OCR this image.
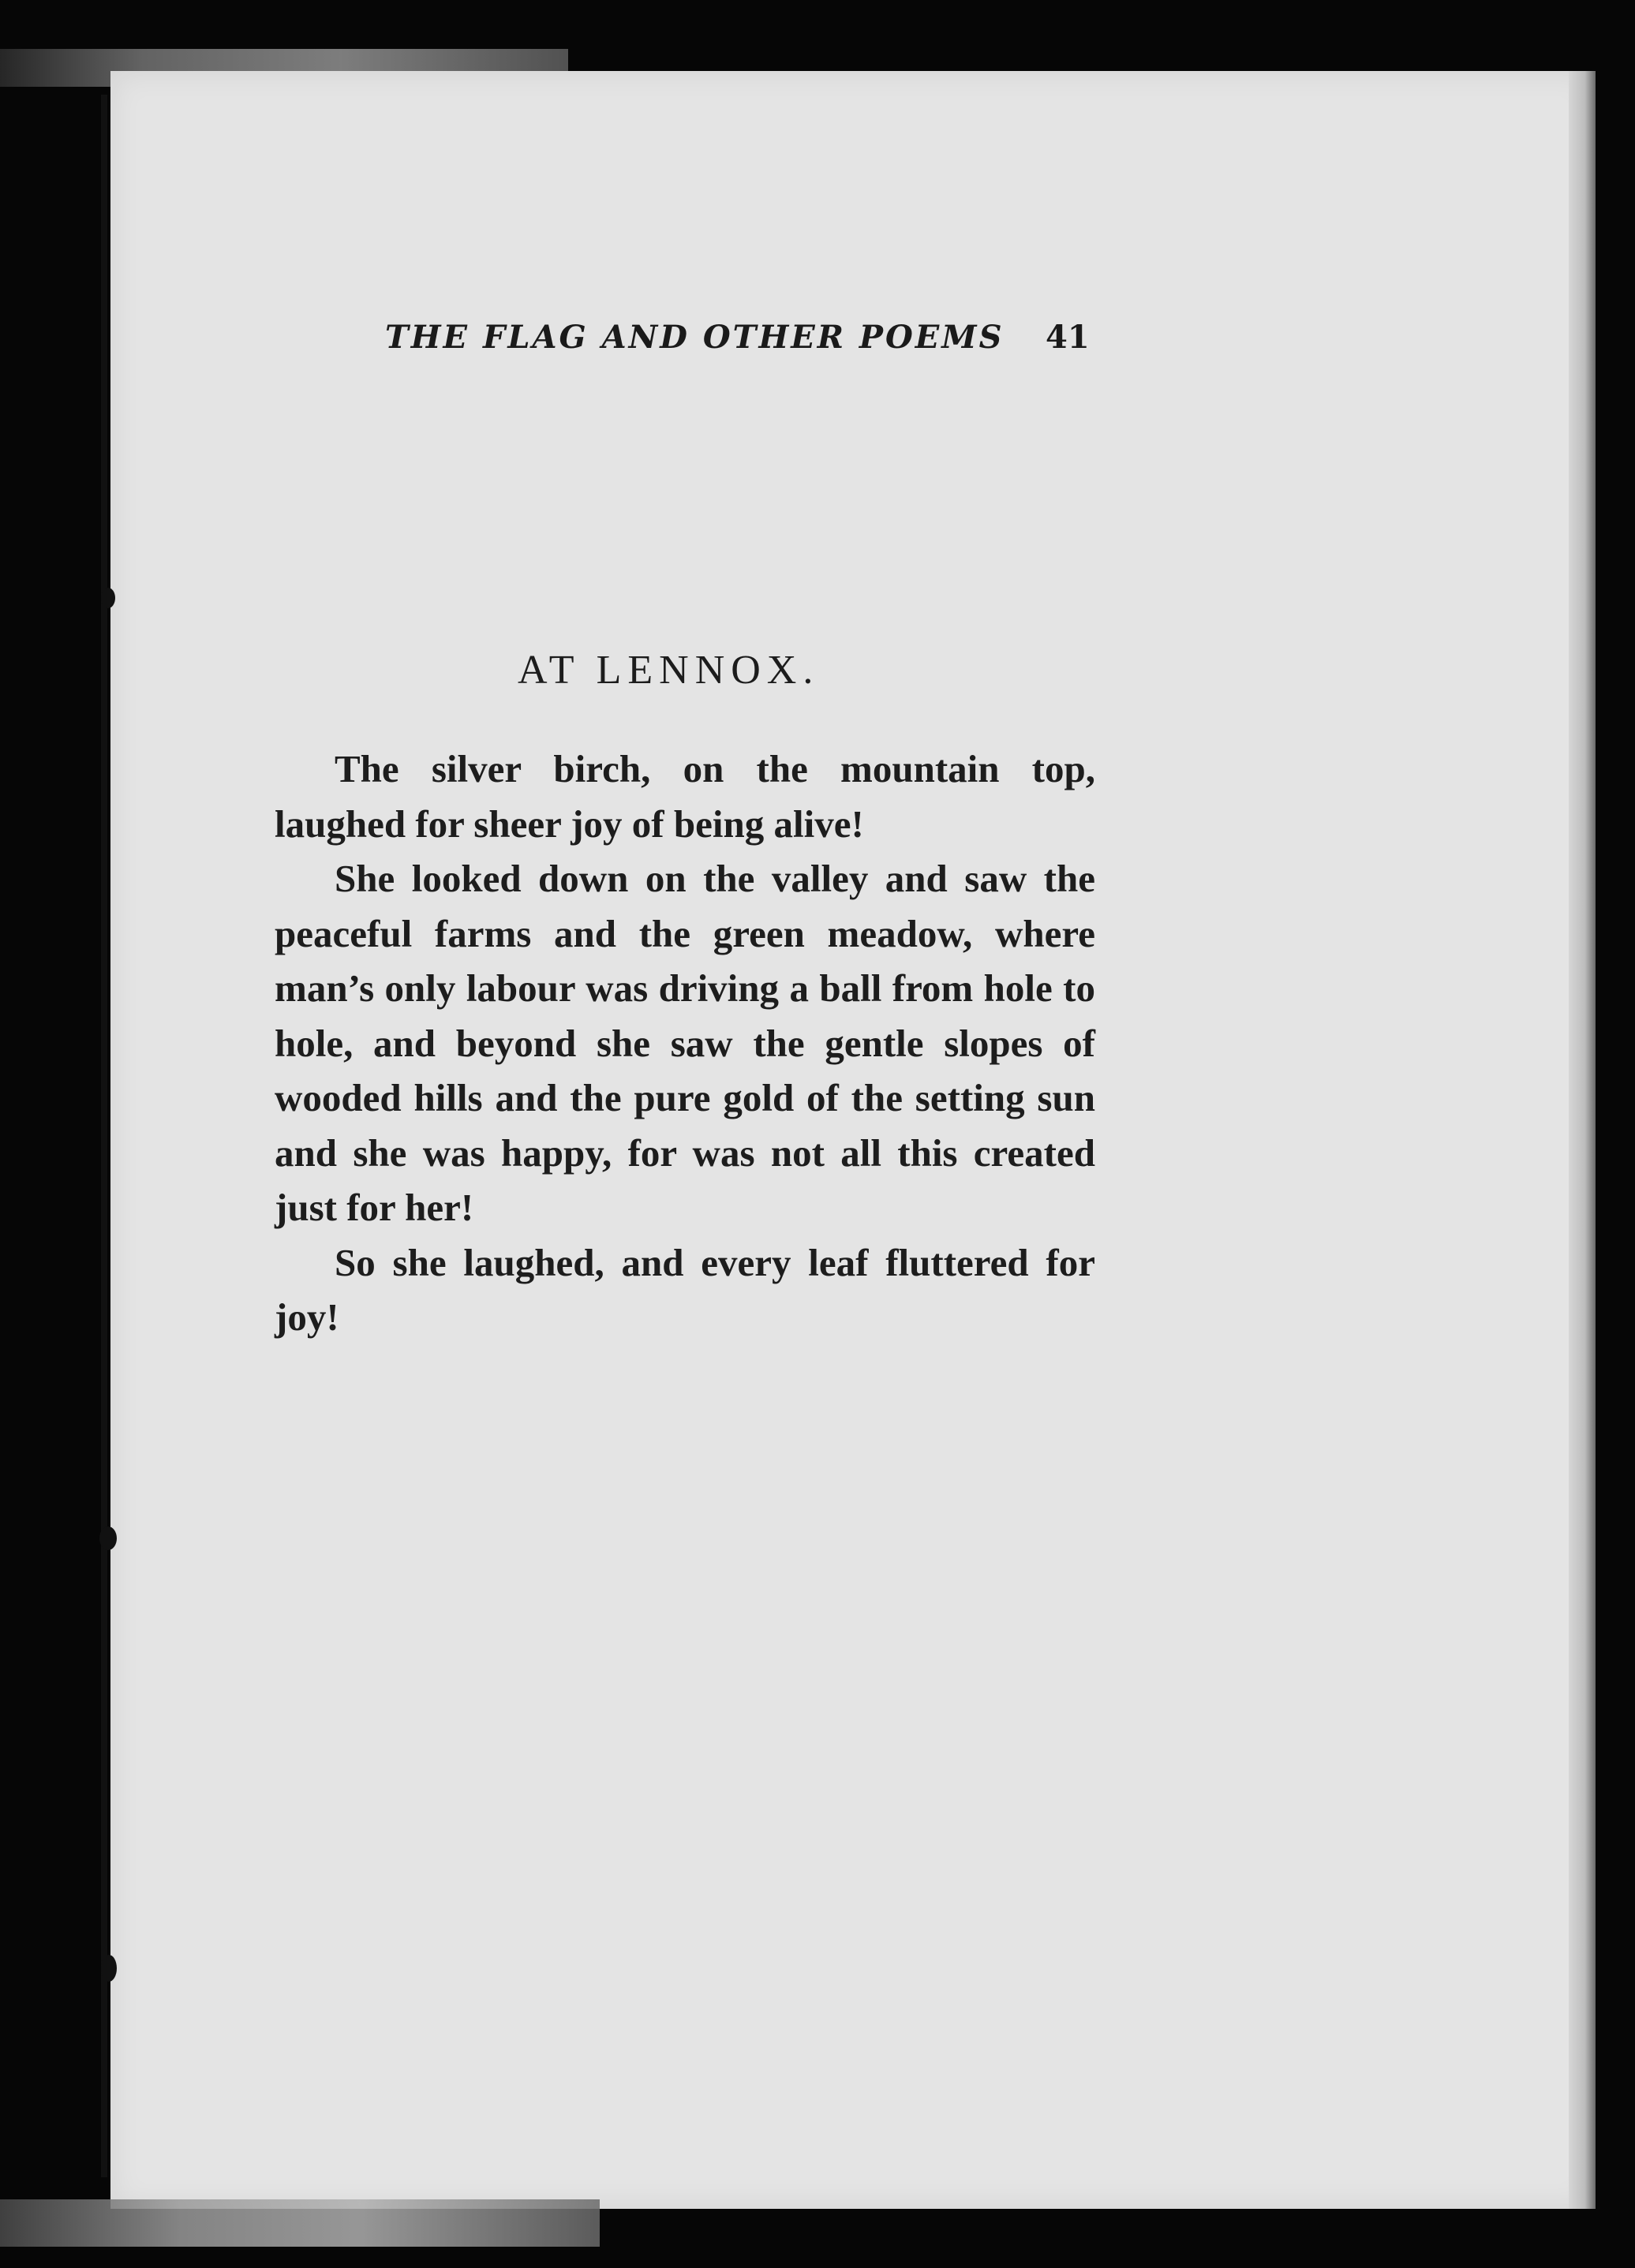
THE FLAG AND OTHER POEMS	41
AT LENNOX.

The silver birch, on the mountain top, laughed for sheer joy of being alive!

She looked down on the valley and saw the peaceful farms and the green meadow, where man’s only labour was driving a ball from hole to hole, and beyond she saw the gentle slopes of wooded hills and the pure gold of the setting sun and she was happy, for was not all this created just for her!

So she laughed, and every leaf fluttered for joy!
